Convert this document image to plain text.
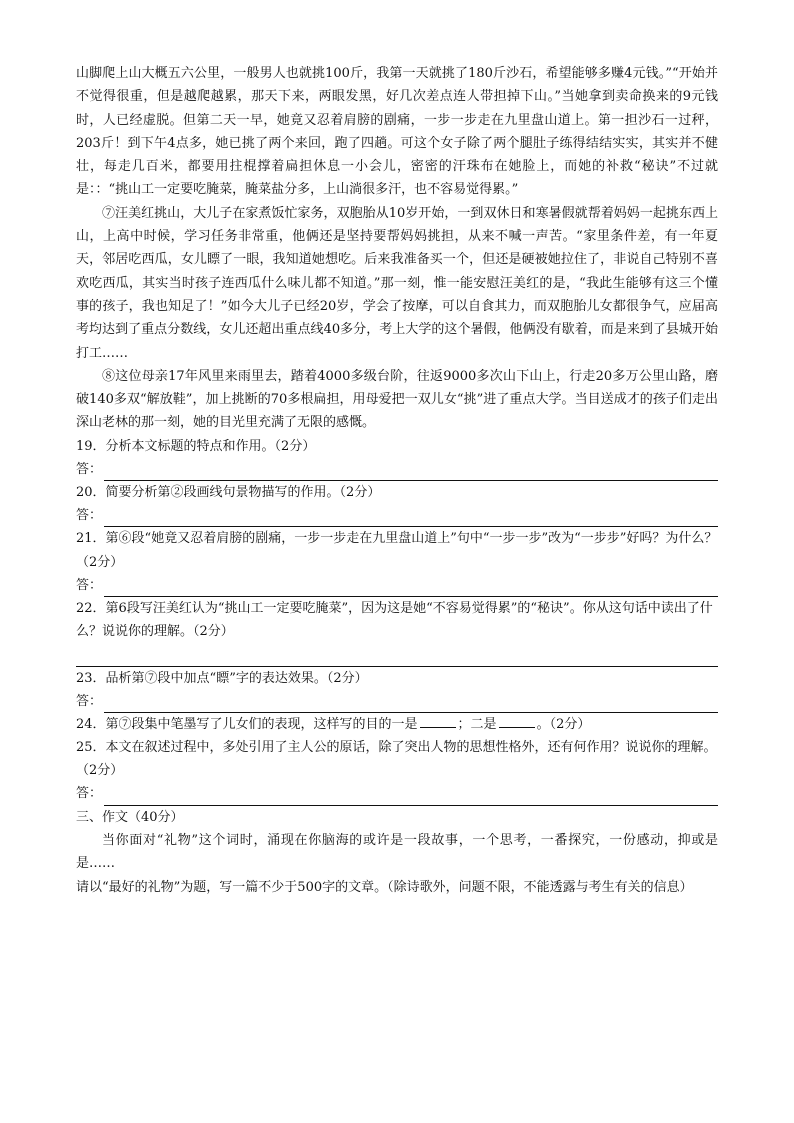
山脚爬上山大概五六公里，一般男人也就挑100斤，我第一天就挑了180斤沙石，希望能够多赚4元钱。”“开始并不觉得很重，但是越爬越累，那天下来，两眼发黑，好几次差点连人带担掉下山。”当她拿到卖命换来的9元钱时，人已经虚脱。但第二天一早，她竟又忍着肩膀的剧痛，一步一步走在九里盘山道上。第一担沙石一过秤，203斤！到下午4点多，她已挑了两个来回，跑了四趟。可这个女子除了两个腿肚子练得结结实实，其实并不健壮，每走几百米，都要用拄棍撑着扁担休息一小会儿，密密的汗珠布在她脸上，而她的补救“秘诀”不过就是：：“挑山工一定要吃腌菜，腌菜盐分多，上山淌很多汗，也不容易觉得累。”

⑦汪美红挑山，大儿子在家煮饭忙家务，双胞胎从10岁开始，一到双休日和寒暑假就帮着妈妈一起挑东西上山，上高中时候，学习任务非常重，他俩还是坚持要帮妈妈挑担，从来不喊一声苦。“家里条件差，有一年夏天，邻居吃西瓜，女儿瞟了一眼，我知道她想吃。后来我准备买一个，但还是硬被她拉住了，非说自己特别不喜欢吃西瓜，其实当时孩子连西瓜什么味儿都不知道。”那一刻，惟一能安慰汪美红的是，“我此生能够有这三个懂事的孩子，我也知足了！”如今大儿子已经20岁，学会了按摩，可以自食其力，而双胞胎儿女都很争气，应届高考均达到了重点分数线，女儿还超出重点线40多分，考上大学的这个暑假，他俩没有歇着，而是来到了县城开始打工……

⑧这位母亲17年风里来雨里去，踏着4000多级台阶，往返9000多次山下山上，行走20多万公里山路，磨破140多双“解放鞋”，加上挑断的70多根扁担，用母爱把一双儿女“挑”进了重点大学。当目送成才的孩子们走出深山老林的那一刻，她的目光里充满了无限的感慨。

19．分析本文标题的特点和作用。（2分）

答：

20．简要分析第②段画线句景物描写的作用。（2分）

答：

21．第⑥段“她竟又忍着肩膀的剧痛，一步一步走在九里盘山道上”句中“一步一步”改为“一步步”好吗？为什么？（2分）

答：

22．第6段写汪美红认为“挑山工一定要吃腌菜”，因为这是她“不容易觉得累”的“秘诀”。你从这句话中读出了什么？说说你的理解。（2分）

23．品析第⑦段中加点“瞟”字的表达效果。（2分）

答：

24．第⑦段集中笔墨写了儿女们的表现，这样写的目的一是	；二是	。（2分）

25．本文在叙述过程中，多处引用了主人公的原话，除了突出人物的思想性格外，还有何作用？说说你的理解。（2分）

答：

三、作文（40分）

当你面对“礼物”这个词时，涌现在你脑海的或许是一段故事，一个思考，一番探究，一份感动，抑或是是……

请以“最好的礼物”为题，写一篇不少于500字的文章。（除诗歌外，问题不限，不能透露与考生有关的信息）
